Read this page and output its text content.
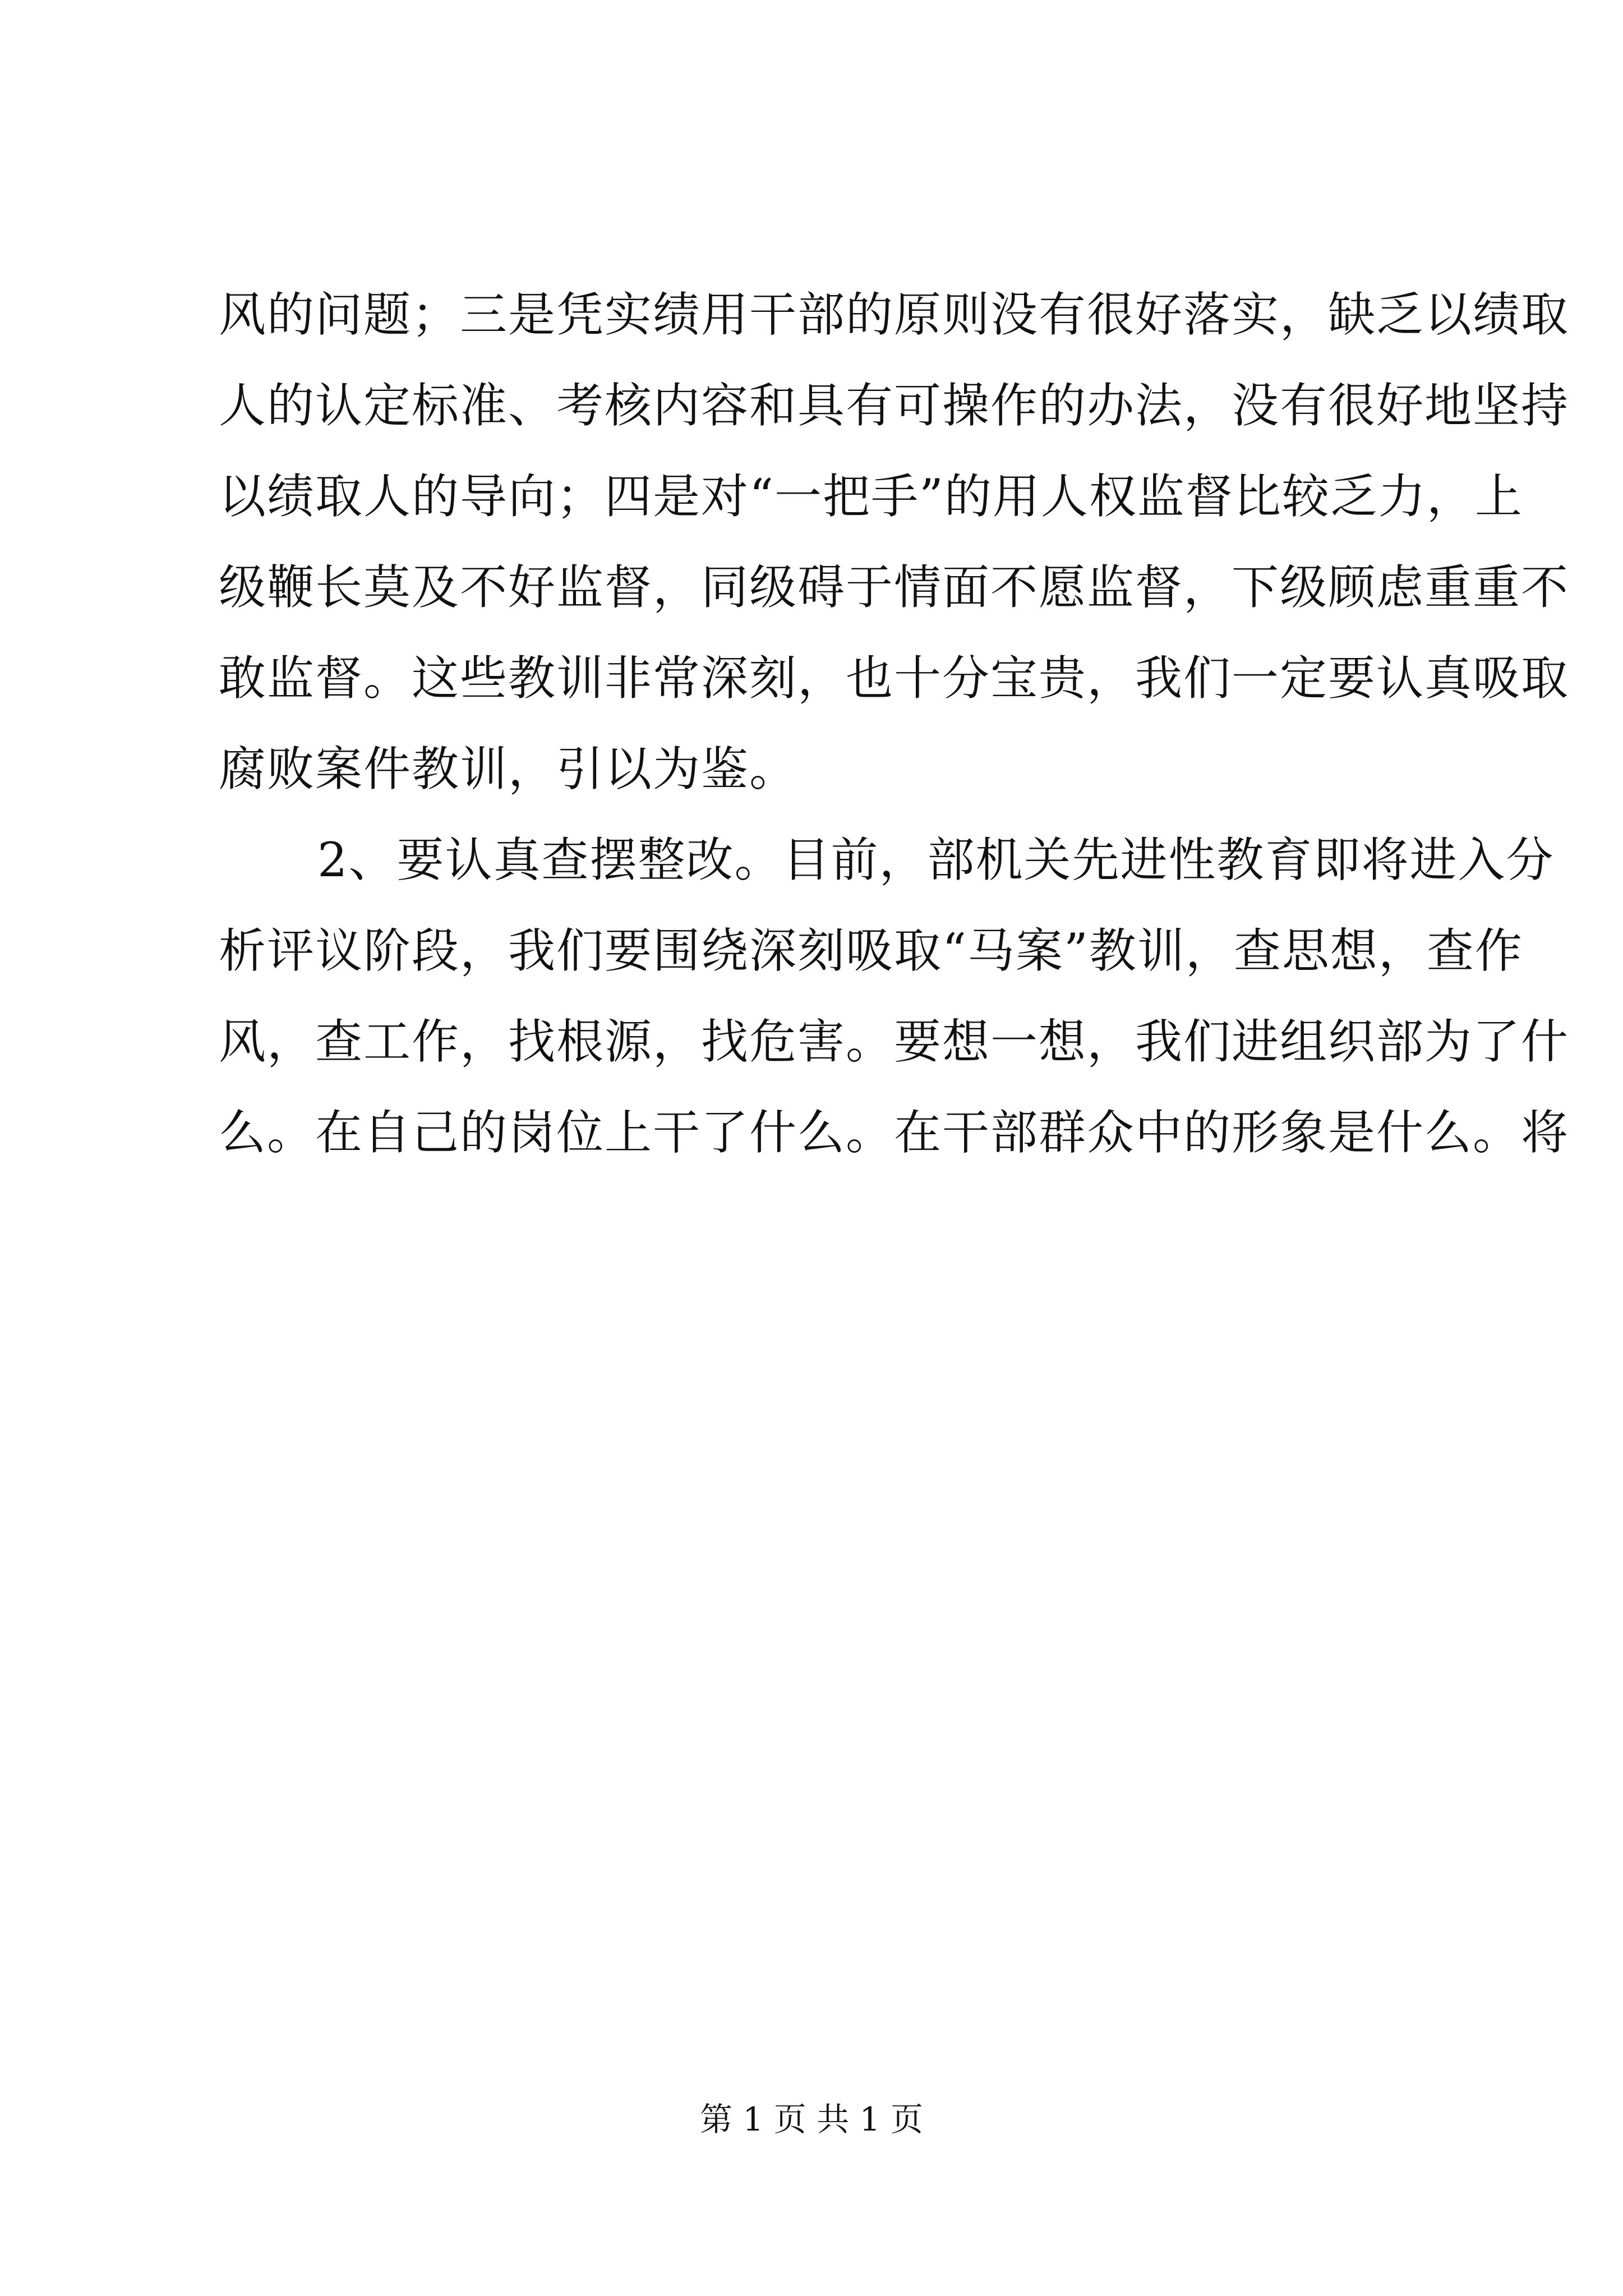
风的问题；三是凭实绩用干部的原则没有很好落实，缺乏以绩取
人的认定标准、考核内容和具有可操作的办法，没有很好地坚持
以绩取人的导向；四是对“一把手”的用人权监督比较乏力，上
级鞭长莫及不好监督，同级碍于情面不愿监督，下级顾虑重重不
敢监督。这些教训非常深刻，也十分宝贵，我们一定要认真吸取
腐败案件教训，引以为鉴。
2、要认真查摆整改。目前，部机关先进性教育即将进入分
析评议阶段，我们要围绕深刻吸取“马案”教训，查思想，查作
风，查工作，找根源，找危害。要想一想，我们进组织部为了什
么。在自己的岗位上干了什么。在干部群众中的形象是什么。将
第 1 页 共 1 页
